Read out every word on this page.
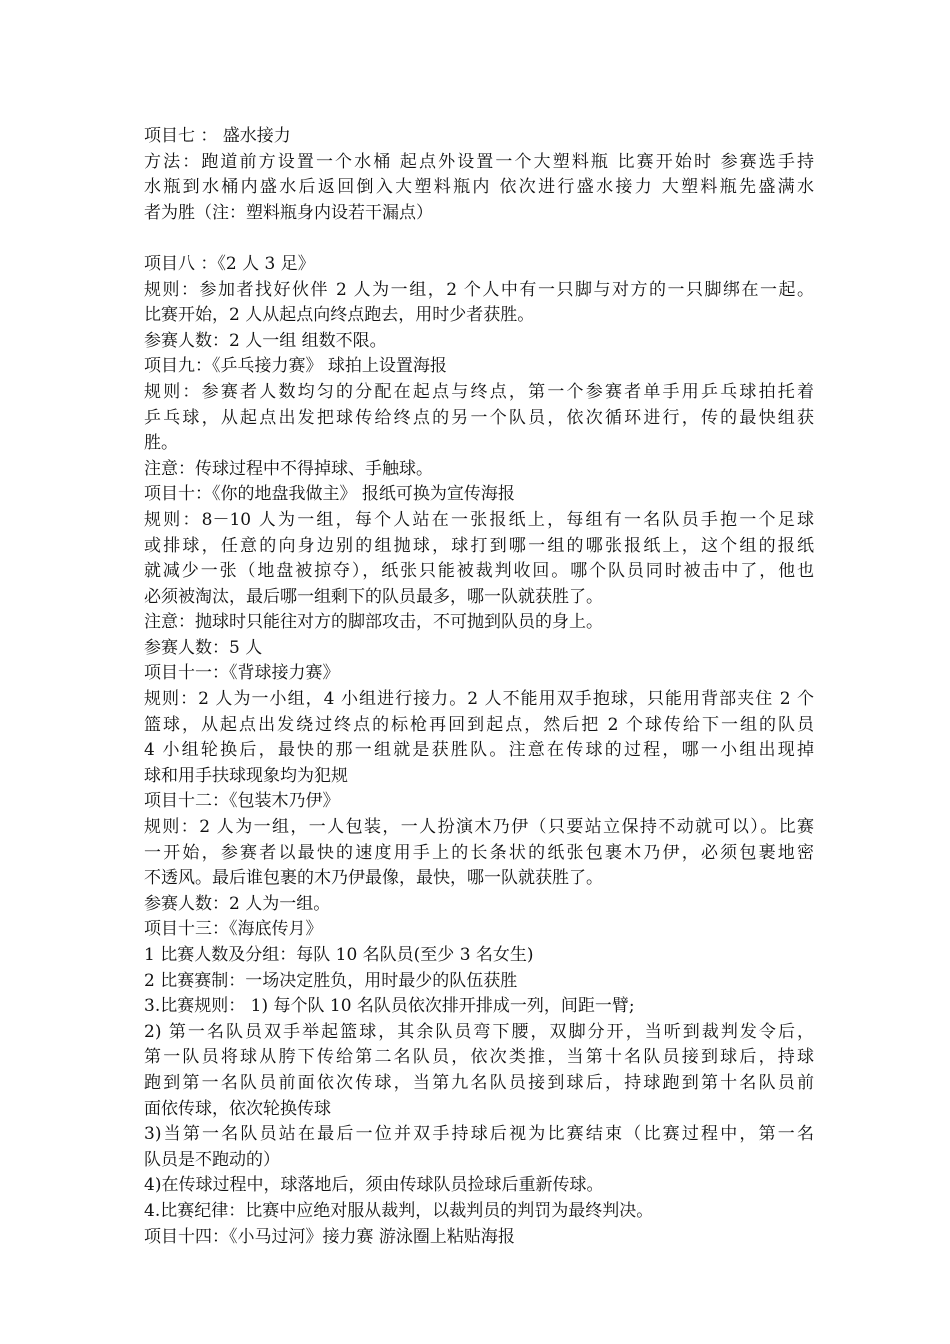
项目七 ： 盛水接力
方法：跑道前方设置一个水桶 起点外设置一个大塑料瓶 比赛开始时 参赛选手持
水瓶到水桶内盛水后返回倒入大塑料瓶内 依次进行盛水接力 大塑料瓶先盛满水
者为胜（注：塑料瓶身内设若干漏点）
项目八 ：《2 人 3 足》
规则：参加者找好伙伴 2 人为一组，2 个人中有一只脚与对方的一只脚绑在一起。
比赛开始，2 人从起点向终点跑去，用时少者获胜。
参赛人数：2 人一组 组数不限。
项目九：《乒乓接力赛》 球拍上设置海报
规则：参赛者人数均匀的分配在起点与终点，第一个参赛者单手用乒乓球拍托着
乒乓球，从起点出发把球传给终点的另一个队员，依次循环进行，传的最快组获
胜。
注意：传球过程中不得掉球、手触球。
项目十：《你的地盘我做主》 报纸可换为宣传海报
规则：8－10 人为一组，每个人站在一张报纸上，每组有一名队员手抱一个足球
或排球，任意的向身边别的组抛球，球打到哪一组的哪张报纸上，这个组的报纸
就减少一张（地盘被掠夺），纸张只能被裁判收回。哪个队员同时被击中了，他也
必须被淘汰，最后哪一组剩下的队员最多，哪一队就获胜了。
注意：抛球时只能往对方的脚部攻击，不可抛到队员的身上。
参赛人数：5 人
项目十一：《背球接力赛》
规则：2 人为一小组，4 小组进行接力。2 人不能用双手抱球，只能用背部夹住 2 个
篮球，从起点出发绕过终点的标枪再回到起点，然后把 2 个球传给下一组的队员
4 小组轮换后，最快的那一组就是获胜队。注意在传球的过程，哪一小组出现掉
球和用手扶球现象均为犯规
项目十二：《包装木乃伊》
规则：2 人为一组，一人包装，一人扮演木乃伊（只要站立保持不动就可以）。比赛
一开始，参赛者以最快的速度用手上的长条状的纸张包裹木乃伊，必须包裹地密
不透风。最后谁包裹的木乃伊最像，最快，哪一队就获胜了。
参赛人数：2 人为一组。
项目十三：《海底传月》
1 比赛人数及分组：每队 10 名队员(至少 3 名女生)
2 比赛赛制：一场决定胜负，用时最少的队伍获胜
3.比赛规则： 1) 每个队 10 名队员依次排开排成一列，间距一臂;
2) 第一名队员双手举起篮球，其余队员弯下腰，双脚分开，当听到裁判发令后，
第一队员将球从胯下传给第二名队员，依次类推，当第十名队员接到球后，持球
跑到第一名队员前面依次传球，当第九名队员接到球后，持球跑到第十名队员前
面依传球，依次轮换传球
3)当第一名队员站在最后一位并双手持球后视为比赛结束（比赛过程中，第一名
队员是不跑动的）
4)在传球过程中，球落地后，须由传球队员捡球后重新传球。
4.比赛纪律：比赛中应绝对服从裁判，以裁判员的判罚为最终判决。
项目十四：《小马过河》接力赛 游泳圈上粘贴海报
